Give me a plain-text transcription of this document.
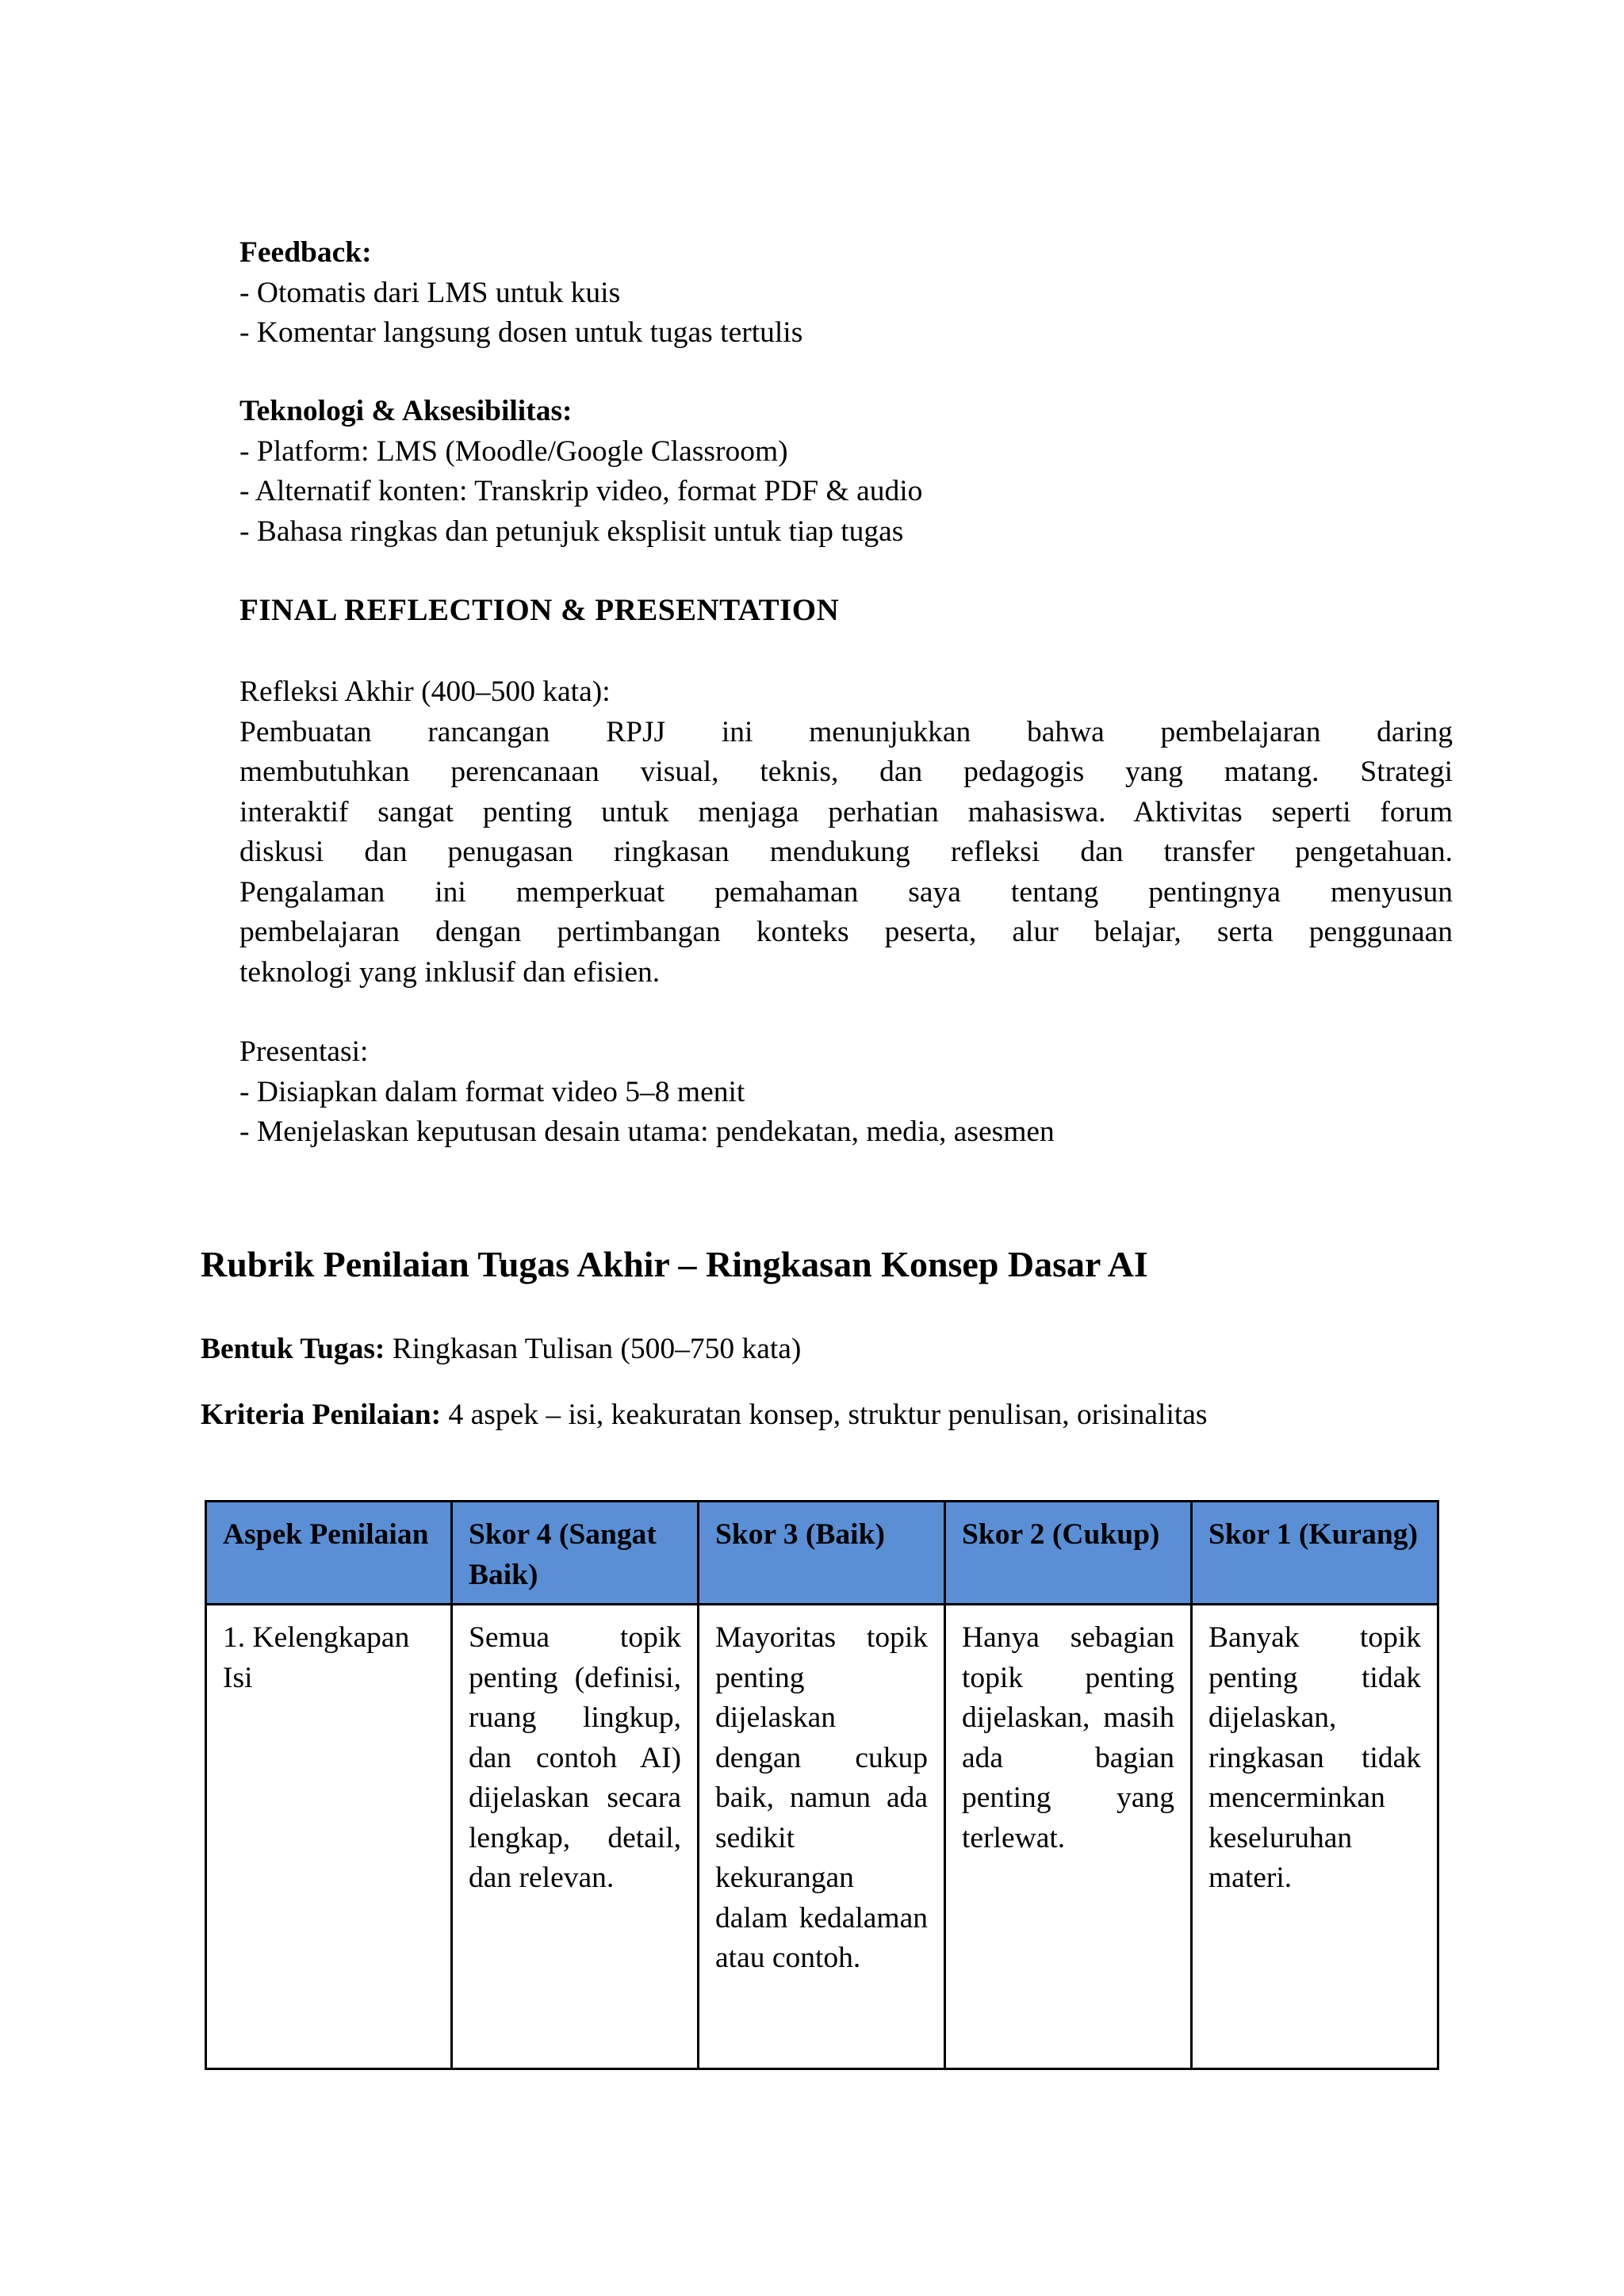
Feedback:
- Otomatis dari LMS untuk kuis
- Komentar langsung dosen untuk tugas tertulis
Teknologi & Aksesibilitas:
- Platform: LMS (Moodle/Google Classroom)
- Alternatif konten: Transkrip video, format PDF & audio
- Bahasa ringkas dan petunjuk eksplisit untuk tiap tugas
FINAL REFLECTION & PRESENTATION
Refleksi Akhir (400–500 kata):
Pembuatan rancangan RPJJ ini menunjukkan bahwa pembelajaran daring
membutuhkan perencanaan visual, teknis, dan pedagogis yang matang. Strategi
interaktif sangat penting untuk menjaga perhatian mahasiswa. Aktivitas seperti forum
diskusi dan penugasan ringkasan mendukung refleksi dan transfer pengetahuan.
Pengalaman ini memperkuat pemahaman saya tentang pentingnya menyusun
pembelajaran dengan pertimbangan konteks peserta, alur belajar, serta penggunaan
teknologi yang inklusif dan efisien.
Presentasi:
- Disiapkan dalam format video 5–8 menit
- Menjelaskan keputusan desain utama: pendekatan, media, asesmen
Rubrik Penilaian Tugas Akhir – Ringkasan Konsep Dasar AI
Bentuk Tugas: Ringkasan Tulisan (500–750 kata)
Kriteria Penilaian: 4 aspek – isi, keakuratan konsep, struktur penulisan, orisinalitas
Aspek Penilaian	Skor 4 (Sangat Baik)	Skor 3 (Baik)	Skor 2 (Cukup)	Skor 1 (Kurang)
1. Kelengkapan Isi	Semua topik penting (definisi, ruang lingkup, dan contoh AI) dijelaskan secara lengkap, detail, dan relevan.	Mayoritas topik penting dijelaskan dengan cukup baik, namun ada sedikit kekurangan dalam kedalaman atau contoh.	Hanya sebagian topik penting dijelaskan, masih ada bagian penting yang terlewat.	Banyak topik penting tidak dijelaskan, ringkasan tidak mencerminkan keseluruhan materi.
